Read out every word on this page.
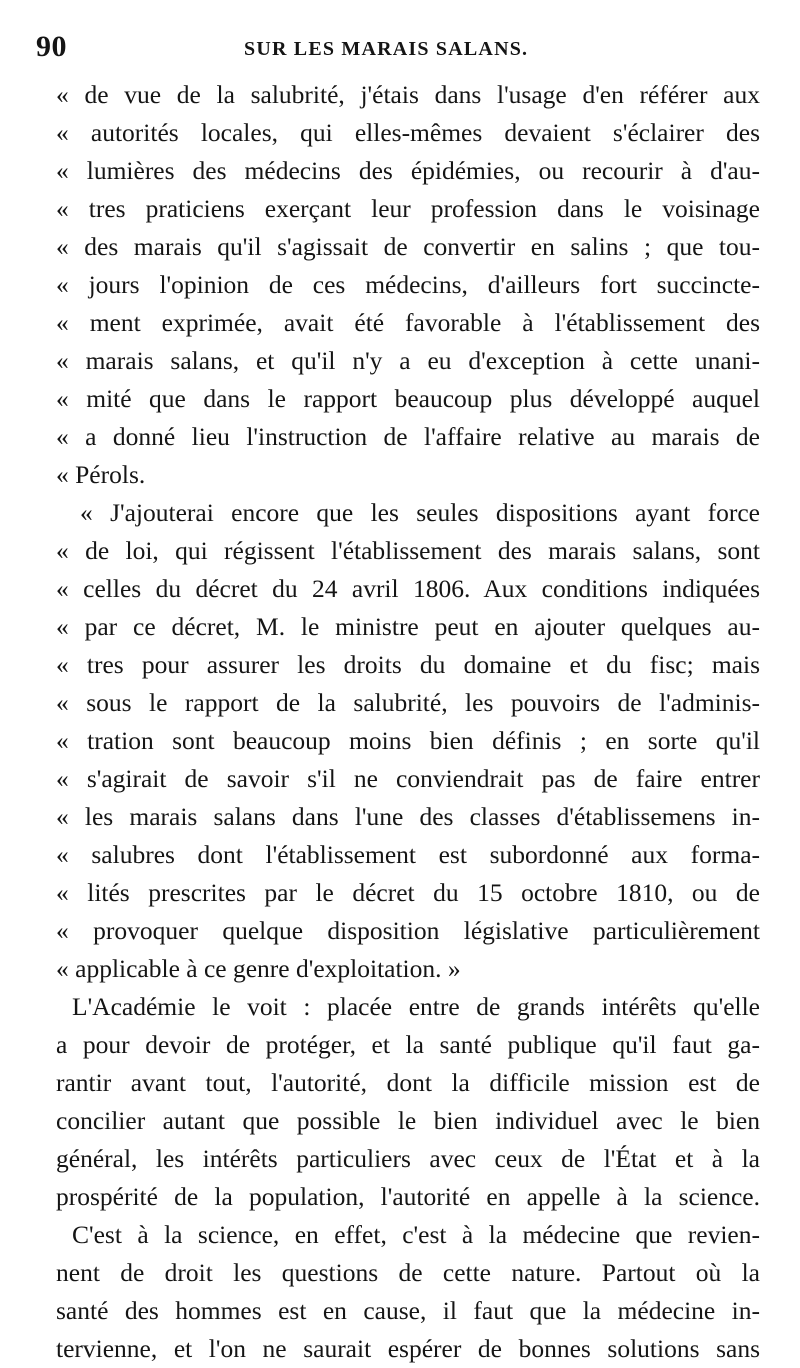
90	SUR LES MARAIS SALANS.
« de vue de la salubrité, j'étais dans l'usage d'en référer aux
« autorités locales, qui elles-mêmes devaient s'éclairer des
« lumières des médecins des épidémies, ou recourir à d'au-
« tres praticiens exerçant leur profession dans le voisinage
« des marais qu'il s'agissait de convertir en salins ; que tou-
« jours l'opinion de ces médecins, d'ailleurs fort succincte-
« ment exprimée, avait été favorable à l'établissement des
« marais salans, et qu'il n'y a eu d'exception à cette unani-
« mité que dans le rapport beaucoup plus développé auquel
« a donné lieu l'instruction de l'affaire relative au marais de
« Pérols.
« J'ajouterai encore que les seules dispositions ayant force
« de loi, qui régissent l'établissement des marais salans, sont
« celles du décret du 24 avril 1806. Aux conditions indiquées
« par ce décret, M. le ministre peut en ajouter quelques au-
« tres pour assurer les droits du domaine et du fisc; mais
« sous le rapport de la salubrité, les pouvoirs de l'adminis-
« tration sont beaucoup moins bien définis ; en sorte qu'il
« s'agirait de savoir s'il ne conviendrait pas de faire entrer
« les marais salans dans l'une des classes d'établissemens in-
« salubres dont l'établissement est subordonné aux forma-
« lités prescrites par le décret du 15 octobre 1810, ou de
« provoquer quelque disposition législative particulièrement
« applicable à ce genre d'exploitation. »
L'Académie le voit : placée entre de grands intérêts qu'elle
a pour devoir de protéger, et la santé publique qu'il faut ga-
rantir avant tout, l'autorité, dont la difficile mission est de
concilier autant que possible le bien individuel avec le bien
général, les intérêts particuliers avec ceux de l'État et à la
prospérité de la population, l'autorité en appelle à la science.
C'est à la science, en effet, c'est à la médecine que revien-
nent de droit les questions de cette nature. Partout où la
santé des hommes est en cause, il faut que la médecine in-
tervienne, et l'on ne saurait espérer de bonnes solutions sans
